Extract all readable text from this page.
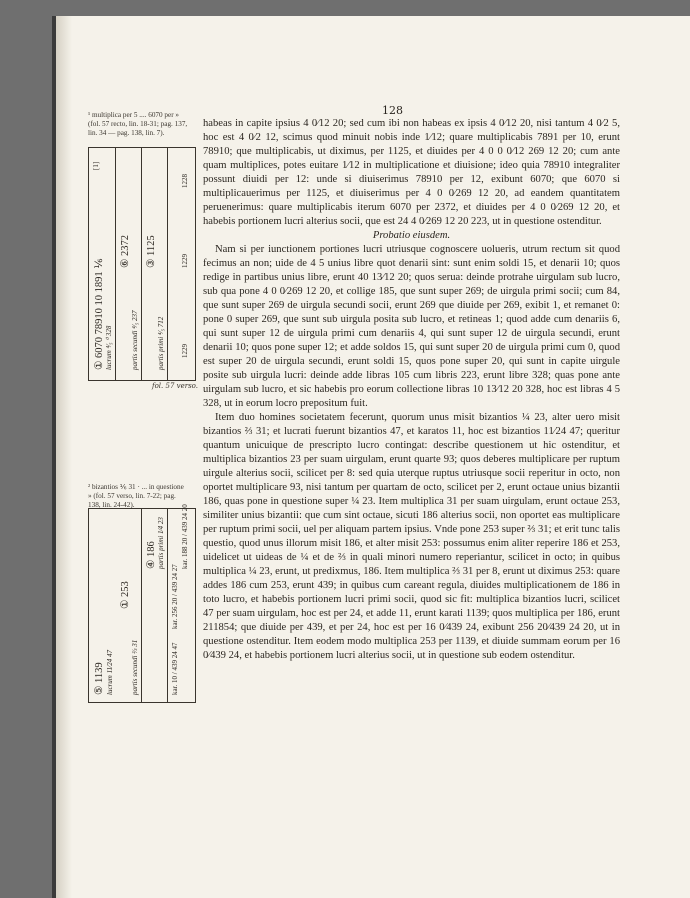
128

¹ multiplica per 5 .... 6070 per » (fol. 57 recto, lin. 18-31; pag. 137, lin. 34 — pag. 138, lin. 7).

① 6070 78910 10 1891 ⅙ lucrum ⁴⁄₅ ⁰ 328
⑥ 2372
partis secundi ⁴⁄₅ 237
③ 1125
partis primi ⁴⁄₅ 712
1228
1229
1229
[1]
fol. 57 verso.

² bizantios ⅙ 31 · ... in questione » (fol. 57 verso, lin. 7-22; pag. 138, lin. 24-42).

⑤ 1139 lucrum 11⁄24 47
① 253
partis secundi ⅔ 31
④ 186 partis primi 1⁄4 23
kar. 10 / 439 24 47
kar. 256 20 / 439 24 27
kar. 188 20 / 439 24 20

habeas in capite ipsius 4 0⁄12 20; sed cum ibi non habeas ex ipsis 4 0⁄12 20, nisi tantum 4 0⁄2 5, hoc est 4 0⁄2 12, scimus quod minuit nobis inde 1⁄12; quare multiplicabis 7891 per 10, erunt 78910; que multiplicabis, ut diximus, per 1125, et diuides per 4 0 0 0⁄12 269 12 20; cum ante quam multiplices, potes euitare 1⁄12 in multiplicatione et diuisione; ideo quia 78910 integraliter possunt diuidi per 12: unde si diuiserimus 78910 per 12, exibunt 6070; que 6070 si multiplicauerimus per 1125, et diuiserimus per 4 0 0⁄269 12 20, ad eandem quantitatem peruenerimus: quare multiplicabis iterum 6070 per 2372, et diuides per 4 0 0⁄269 12 20, et habebis portionem lucri alterius socii, que est 24 4 0⁄269 12 20 223, ut in questione ostenditur.

Probatio eiusdem.

Nam si per iunctionem portiones lucri utriusque cognoscere uolueris, utrum rectum sit quod fecimus an non; uide de 4 5 unius libre quot denarii sint: sunt enim soldi 15, et denarii 10; quos redige in partibus unius libre, erunt 40 13⁄12 20; quos serua: deinde protrahe uirgulam sub lucro, sub qua pone 4 0 0⁄269 12 20, et collige 185, que sunt super 269; de uirgula primi socii; cum 84, que sunt super 269 de uirgula secundi socii, erunt 269 que diuide per 269, exibit 1, et remanet 0: pone 0 super 269, que sunt sub uirgula posita sub lucro, et retineas 1; quod adde cum denariis 6, qui sunt super 12 de uirgula primi cum denariis 4, qui sunt super 12 de uirgula secundi, erunt denarii 10; quos pone super 12; et adde soldos 15, qui sunt super 20 de uirgula primi cum 0, quod est super 20 de uirgula secundi, erunt soldi 15, quos pone super 20, qui sunt in capite uirgule posite sub uirgula lucri: deinde adde libras 105 cum libris 223, erunt libre 328; quas pone ante uirgulam sub lucro, et sic habebis pro eorum collectione libras 10 13⁄12 20 328, hoc est libras 4 5 328, ut in eorum locro prepositum fuit.

Item duo homines societatem fecerunt, quorum unus misit bizantios ¼ 23, alter uero misit bizantios ⅔ 31; et lucrati fuerunt bizantios 47, et karatos 11, hoc est bizantios 11⁄24 47; queritur quantum unicuique de prescripto lucro contingat: describe questionem ut hic ostenditur, et multiplica bizantios 23 per suam uirgulam, erunt quarte 93; quos deberes multiplicare per ruptum uirgule alterius socii, scilicet per 8: sed quia uterque ruptus utriusque socii reperitur in octo, non oportet multiplicare 93, nisi tantum per quartam de octo, scilicet per 2, erunt octaue unius bizantii 186, quas pone in questione super ¼ 23. Item multiplica 31 per suam uirgulam, erunt octaue 253, similiter unius bizantii: que cum sint octaue, sicuti 186 alterius socii, non oportet eas multiplicare per ruptum primi socii, uel per aliquam partem ipsius. Vnde pone 253 super ⅔ 31; et erit tunc talis questio, quod unus illorum misit 186, et alter misit 253: possumus enim aliter reperire 186 et 253, uidelicet ut uideas de ¼ et de ⅔ in quali minori numero reperiantur, scilicet in octo; in quibus multiplica ¼ 23, erunt, ut predixmus, 186. Item multiplica ⅔ 31 per 8, erunt ut diximus 253: quare addes 186 cum 253, erunt 439; in quibus cum careant regula, diuides multiplicationem de 186 in toto lucro, et habebis portionem lucri primi socii, quod sic fit: multiplica bizantios lucri, scilicet 47 per suam uirgulam, hoc est per 24, et adde 11, erunt karati 1139; quos multiplica per 186, erunt 211854; que diuide per 439, et per 24, hoc est per 16 0⁄439 24, exibunt 256 20⁄439 24 20, ut in questione ostenditur. Item eodem modo multiplica 253 per 1139, et diuide summam eorum per 16 0⁄439 24, et habebis portionem lucri alterius socii, ut in questione sub eodem ostenditur.
